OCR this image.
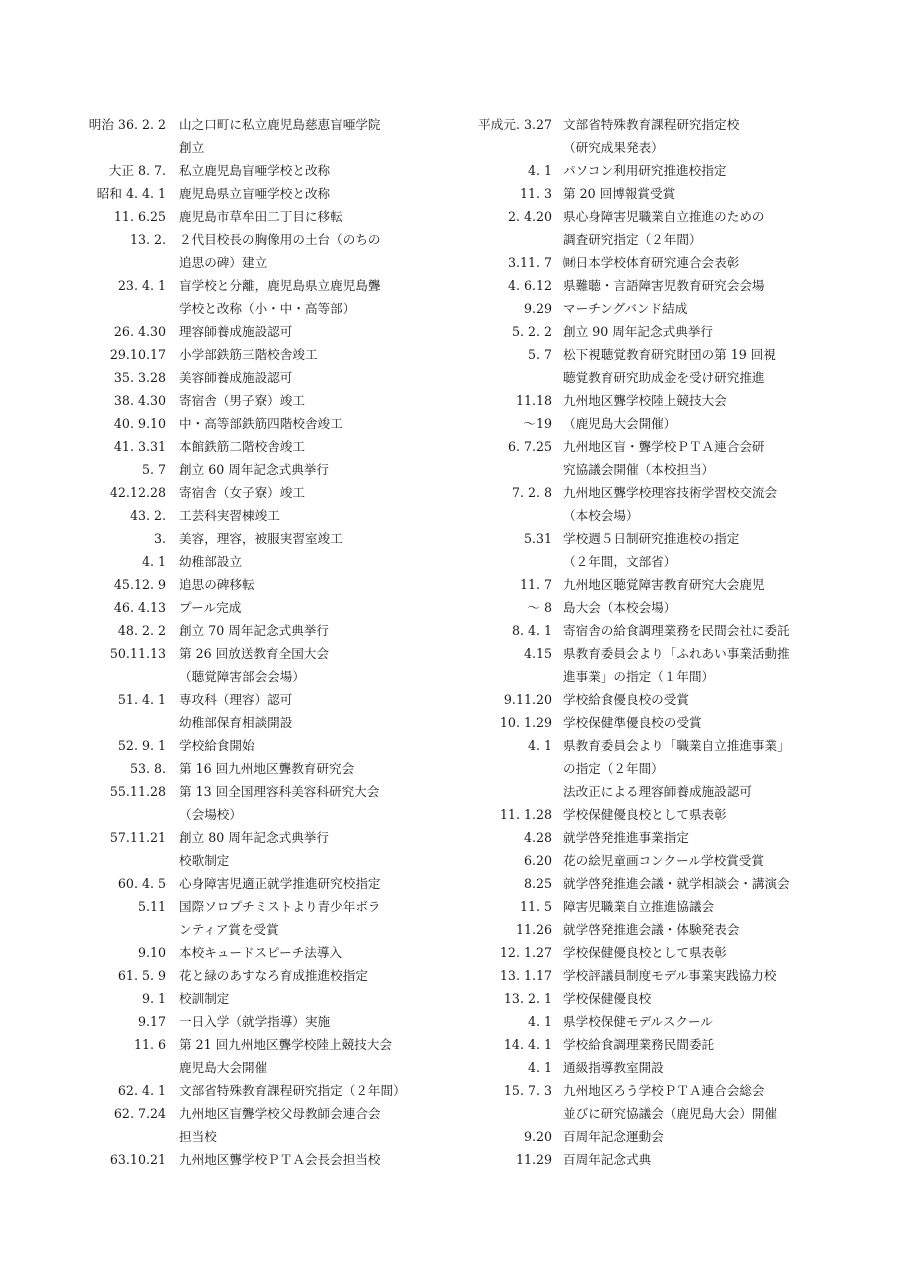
明治 36. 2. 2 山之口町に私立鹿児島慈恵盲唖学院
創立
大正 8. 7. 私立鹿児島盲唖学校と改称
昭和 4. 4. 1 鹿児島県立盲唖学校と改称
11. 6.25 鹿児島市草牟田二丁目に移転
13. 2. ２代目校長の胸像用の土台（のちの
追思の碑）建立
23. 4. 1 盲学校と分離，鹿児島県立鹿児島聾
学校と改称（小・中・高等部）
26. 4.30 理容師養成施設認可
29.10.17 小学部鉄筋三階校舎竣工
35. 3.28 美容師養成施設認可
38. 4.30 寄宿舎（男子寮）竣工
40. 9.10 中・高等部鉄筋四階校舎竣工
41. 3.31 本館鉄筋二階校舎竣工
5. 7 創立 60 周年記念式典挙行
42.12.28 寄宿舎（女子寮）竣工
43. 2. 工芸科実習棟竣工
3. 美容，理容，被服実習室竣工
4. 1 幼稚部設立
45.12. 9 追思の碑移転
46. 4.13 プール完成
48. 2. 2 創立 70 周年記念式典挙行
50.11.13 第 26 回放送教育全国大会
（聴覚障害部会会場）
51. 4. 1 専攻科（理容）認可
幼稚部保育相談開設
52. 9. 1 学校給食開始
53. 8. 第 16 回九州地区聾教育研究会
55.11.28 第 13 回全国理容科美容科研究大会
（会場校）
57.11.21 創立 80 周年記念式典挙行
校歌制定
60. 4. 5 心身障害児適正就学推進研究校指定
5.11 国際ソロプチミストより青少年ボラ
ンティア賞を受賞
9.10 本校キュードスピーチ法導入
61. 5. 9 花と緑のあすなろ育成推進校指定
9. 1 校訓制定
9.17 一日入学（就学指導）実施
11. 6 第 21 回九州地区聾学校陸上競技大会
鹿児島大会開催
62. 4. 1 文部省特殊教育課程研究指定（２年間）
62. 7.24 九州地区盲聾学校父母教師会連合会
担当校
63.10.21 九州地区聾学校ＰＴＡ会長会担当校
平成元. 3.27 文部省特殊教育課程研究指定校
（研究成果発表）
4. 1 パソコン利用研究推進校指定
11. 3 第 20 回博報賞受賞
2. 4.20 県心身障害児職業自立推進のための
調査研究指定（２年間）
3.11. 7 ㈶日本学校体育研究連合会表彰
4. 6.12 県難聴・言語障害児教育研究会会場
9.29 マーチングバンド結成
5. 2. 2 創立 90 周年記念式典挙行
5. 7 松下視聴覚教育研究財団の第 19 回視
聴覚教育研究助成金を受け研究推進
11.18 九州地区聾学校陸上競技大会
～19 （鹿児島大会開催）
6. 7.25 九州地区盲・聾学校ＰＴＡ連合会研
究協議会開催（本校担当）
7. 2. 8 九州地区聾学校理容技術学習校交流会
（本校会場）
5.31 学校週５日制研究推進校の指定
（２年間，文部省）
11. 7 九州地区聴覚障害教育研究大会鹿児
～ 8 島大会（本校会場）
8. 4. 1 寄宿舎の給食調理業務を民間会社に委託
4.15 県教育委員会より「ふれあい事業活動推
進事業」の指定（１年間）
9.11.20 学校給食優良校の受賞
10. 1.29 学校保健準優良校の受賞
4. 1 県教育委員会より「職業自立推進事業」
の指定（２年間）
法改正による理容師養成施設認可
11. 1.28 学校保健優良校として県表彰
4.28 就学啓発推進事業指定
6.20 花の絵児童画コンクール学校賞受賞
8.25 就学啓発推進会議・就学相談会・講演会
11. 5 障害児職業自立推進協議会
11.26 就学啓発推進会議・体験発表会
12. 1.27 学校保健優良校として県表彰
13. 1.17 学校評議員制度モデル事業実践協力校
13. 2. 1 学校保健優良校
4. 1 県学校保健モデルスクール
14. 4. 1 学校給食調理業務民間委託
4. 1 通級指導教室開設
15. 7. 3 九州地区ろう学校ＰＴＡ連合会総会
並びに研究協議会（鹿児島大会）開催
9.20 百周年記念運動会
11.29 百周年記念式典
